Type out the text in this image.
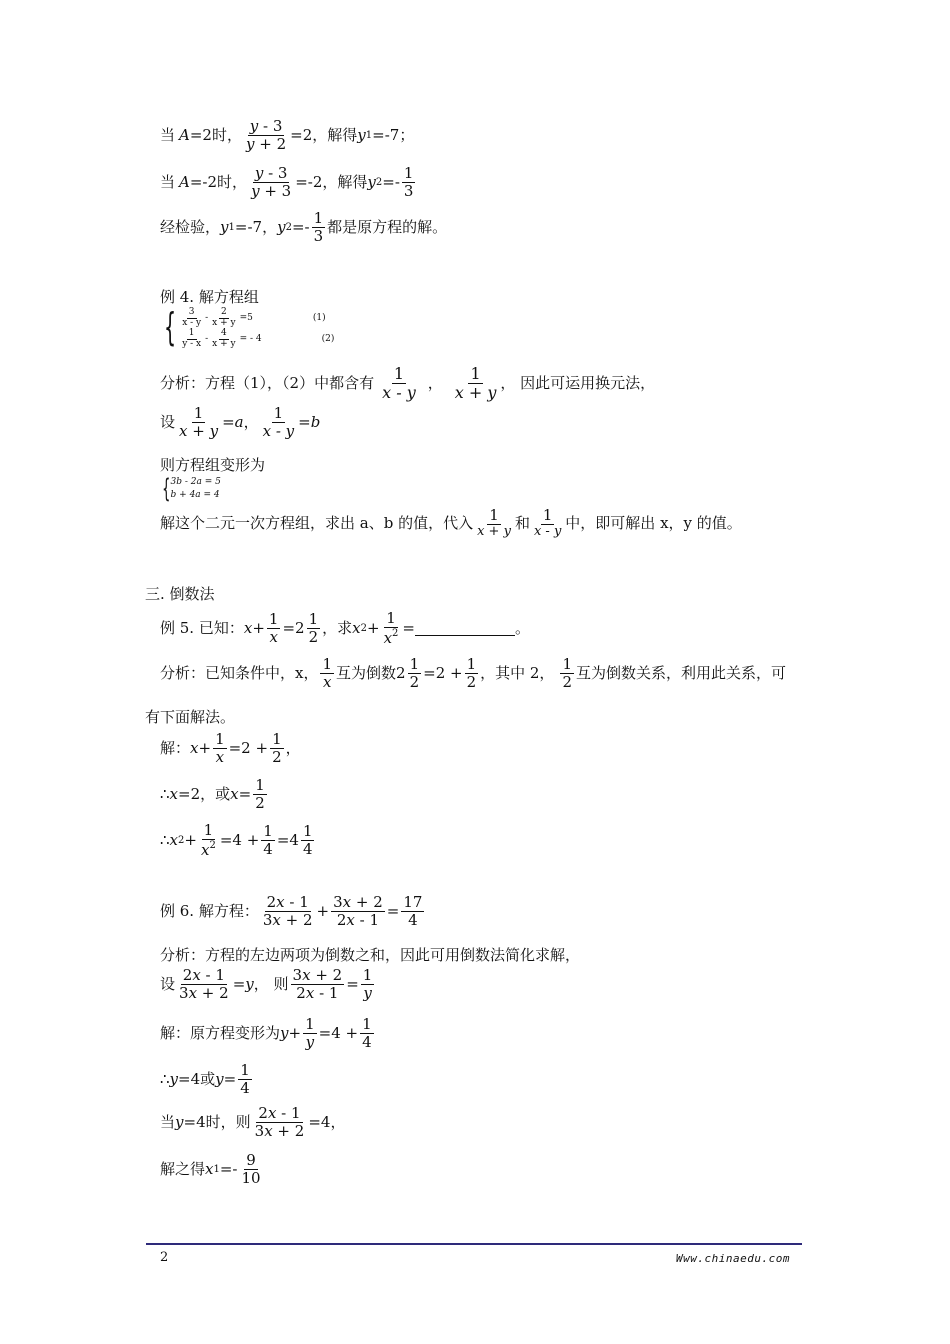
当 A =2 时， $\frac{y - 3}{y + 2} =2$ ，解得 y 1 =-7 ；
当 A =-2 时， $\frac{y - 3}{y + 3} =-2$ ，解得 y 2 =-
1
3
经检验， y 1 =-7 ， y 2 =-
1
3 都是原方程的解。
例 4. 解方程组
{ 3
$x - y - \frac{2}{x + y} =5$	(1)
1
y - x - $\frac{4}{x + y}$ = - 4	(2)
分析：方程（1），（2）中都含有
1
x - y ，
1
x + y ， 因此可运用换元法，
设 $\frac{1}{x + y} = a$ ， $\frac{1}{x - y} = b$
则方程组变形为
{ 3b - 2a = 5
b + 4a = 4
解这个二元一次方程组，求出 a、b 的值，代入 1
x + y 和 1
x - y 中，即可解出 x，y 的值。
三. 倒数法
例 5. 已知： $x + \frac{1}{x} =2$
1
2 ，求 x $2 + \frac{1}{x^2}$ =	。
分析：已知条件中，x，
1
x 互为倒数 $2 \frac{1}{2} =2 + \frac{1}{2}$ ，其中 2，
1
2 互为倒数关系，利用此关系，可
有下面解法。
解： $x + \frac{1}{x} =2 + \frac{1}{2}$ ，
∴ x =2 ，或 $x = \frac{1}{2}$
∴ x $2 + \frac{1}{x^2} =4 + \frac{1}{4} =4$
1
4
例 6. 解方程：
2x - 1
$3x + 2 + \frac{3x + 2}{2x - 1} = \frac{17}{4}$
分析：方程的左边两项为倒数之和，因此可用倒数法简化求解，
设 $\frac{2x - 1}{3x + 2} = y$ ， 则 $\frac{3x + 2}{2x - 1} = \frac{1}{y}$
解：原方程变形为 $y + \frac{1}{y} =4 + \frac{1}{4}$
∴ y =4 或 $y = \frac{1}{4}$
当 y =4 时，则 $\frac{2x - 1}{3x + 2} =4$ ，
解之得 x 1 =-
9
10
2	Www.chinaedu.com
